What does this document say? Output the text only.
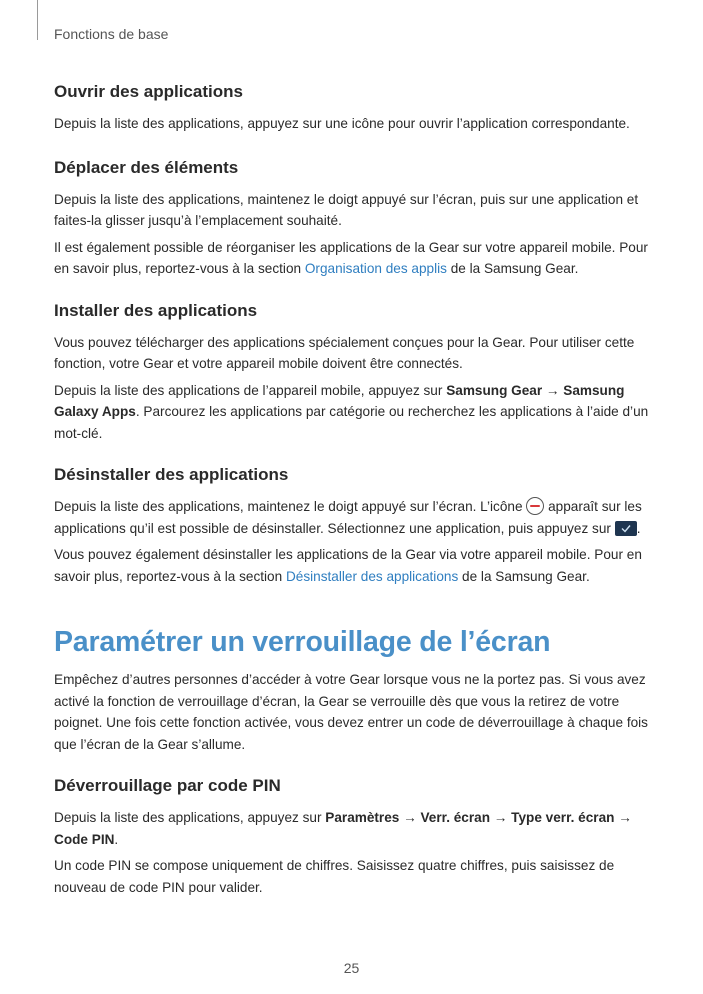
Fonctions de base
Ouvrir des applications

Depuis la liste des applications, appuyez sur une icône pour ouvrir l’application correspondante.

Déplacer des éléments

Depuis la liste des applications, maintenez le doigt appuyé sur l’écran, puis sur une application et faites-la glisser jusqu’à l’emplacement souhaité.

Il est également possible de réorganiser les applications de la Gear sur votre appareil mobile. Pour en savoir plus, reportez-vous à la section Organisation des applis de la Samsung Gear.

Installer des applications

Vous pouvez télécharger des applications spécialement conçues pour la Gear. Pour utiliser cette fonction, votre Gear et votre appareil mobile doivent être connectés.

Depuis la liste des applications de l’appareil mobile, appuyez sur Samsung Gear → Samsung Galaxy Apps. Parcourez les applications par catégorie ou recherchez les applications à l’aide d’un mot-clé.

Désinstaller des applications

Depuis la liste des applications, maintenez le doigt appuyé sur l’écran. L’icône  apparaît sur les applications qu’il est possible de désinstaller. Sélectionnez une application, puis appuyez sur
.

Vous pouvez également désinstaller les applications de la Gear via votre appareil mobile. Pour en savoir plus, reportez-vous à la section Désinstaller des applications de la Samsung Gear.

Paramétrer un verrouillage de l’écran

Empêchez d’autres personnes d’accéder à votre Gear lorsque vous ne la portez pas. Si vous avez activé la fonction de verrouillage d’écran, la Gear se verrouille dès que vous la retirez de votre poignet. Une fois cette fonction activée, vous devez entrer un code de déverrouillage à chaque fois que l’écran de la Gear s’allume.

Déverrouillage par code PIN

Depuis la liste des applications, appuyez sur Paramètres → Verr. écran → Type verr. écran → Code PIN.

Un code PIN se compose uniquement de chiffres. Saisissez quatre chiffres, puis saisissez de nouveau de code PIN pour valider.

25
